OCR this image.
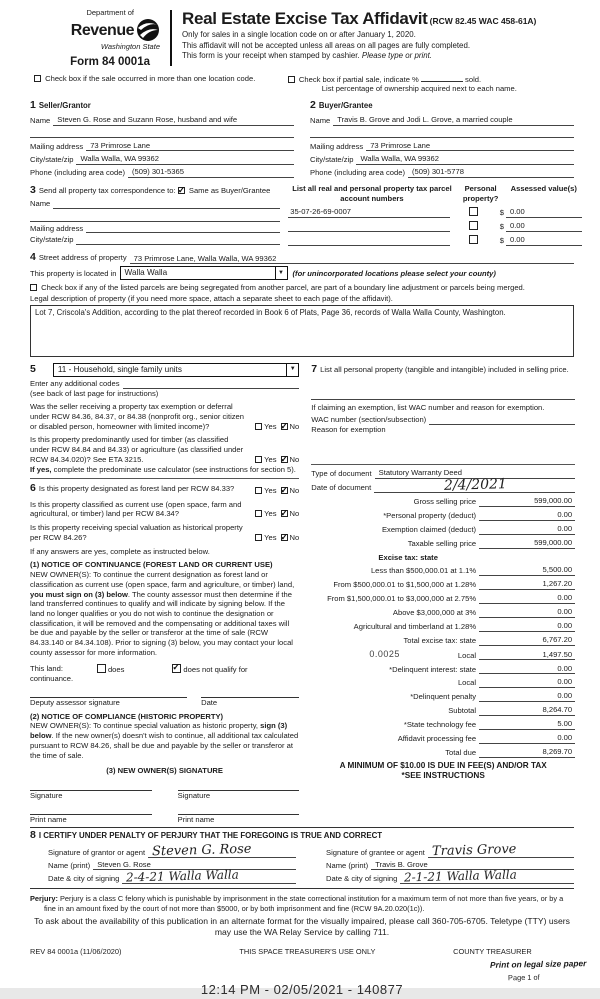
Department of
Revenue
Washington State
Form 84 0001a
Real Estate Excise Tax Affidavit (RCW 82.45 WAC 458-61A)
Only for sales in a single location code on or after January 1, 2020.
This affidavit will not be accepted unless all areas on all pages are fully completed.
This form is your receipt when stamped by cashier. Please type or print.
Check box if the sale occurred in more than one location code.	Check box if partial sale, indicate %	sold.
List percentage of ownership acquired next to each name.
1 Seller/Grantor
Name Steven G. Rose and Suzann Rose, husband and wife
Mailing address 73 Primrose Lane
City/state/zip Walla Walla, WA 99362
Phone (including area code) (509) 301-5365
2 Buyer/Grantee
Name Travis B. Grove and Jodi L. Grove, a married couple
Mailing address 73 Primrose Lane
City/state/zip Walla Walla, WA 99362
Phone (including area code) (509) 301-5778
3 Send all property tax correspondence to: ✓ Same as Buyer/Grantee
Name
Mailing address
City/state/zip
List all real and personal property tax parcel account numbers
Personal property?
Assessed value(s)
35-07-26-69-0007	$ 0.00
$ 0.00
$ 0.00
4 Street address of property 73 Primrose Lane, Walla Walla, WA 99362
This property is located in Walla Walla	▼	(for unincorporated locations please select your county)
Check box if any of the listed parcels are being segregated from another parcel, are part of a boundary line adjustment or parcels being merged.
Legal description of property (if you need more space, attach a separate sheet to each page of the affidavit).
Lot 7, Criscola's Addition, according to the plat thereof recorded in Book 6 of Plats, Page 36, records of Walla Walla County, Washington.
5	11 - Household, single family units	▼
Enter any additional codes
(see back of last page for instructions)
Was the seller receiving a property tax exemption or deferral under RCW 84.36, 84.37, or 84.38 (nonprofit org., senior citizen or disabled person, homeowner with limited income)?	Yes ✓ No
Is this property predominantly used for timber (as classified under RCW 84.84 and 84.33) or agriculture (as classified under RCW 84.34.020)? See ETA 3215.	Yes ✓ No
If yes, complete the predominate use calculator (see instructions for section 5).
6 Is this property designated as forest land per RCW 84.33?	Yes ✓ No
Is this property classified as current use (open space, farm and agricultural, or timber) land per RCW 84.34?	Yes ✓ No
Is this property receiving special valuation as historical property per RCW 84.26?	Yes ✓ No
If any answers are yes, complete as instructed below.
(1) NOTICE OF CONTINUANCE (FOREST LAND OR CURRENT USE)
NEW OWNER(S): To continue the current designation as forest land or classification as current use (open space, farm and agriculture, or timber) land, you must sign on (3) below. The county assessor must then determine if the land transferred continues to qualify and will indicate by signing below. If the land no longer qualifies or you do not wish to continue the designation or classification, it will be removed and the compensating or additional taxes will be due and payable by the seller or transferor at the time of sale (RCW 84.33.140 or 84.34.108). Prior to signing (3) below, you may contact your local county assessor for more information.
This land:	does ✓	does not qualify for
continuance.
Deputy assessor signature	Date
(2) NOTICE OF COMPLIANCE (HISTORIC PROPERTY)
NEW OWNER(S): To continue special valuation as historic property, sign (3) below. If the new owner(s) doesn't wish to continue, all additional tax calculated pursuant to RCW 84.26, shall be due and payable by the seller or transferor at the time of sale.
(3) NEW OWNER(S) SIGNATURE
Signature	Signature
Print name	Print name
7 List all personal property (tangible and intangible) included in selling price.
If claiming an exemption, list WAC number and reason for exemption.
WAC number (section/subsection)
Reason for exemption
Type of document Statutory Warranty Deed
Date of document	2/4/2021
Gross selling price	599,000.00
*Personal property (deduct)	0.00
Exemption claimed (deduct)	0.00
Taxable selling price	599,000.00
Excise tax: state
Less than $500,000.01 at 1.1%	5,500.00
From $500,000.01 to $1,500,000 at 1.28%	1,267.20
From $1,500,000.01 to $3,000,000 at 2.75%	0.00
Above $3,000,000 at 3%	0.00
Agricultural and timberland at 1.28%	0.00
Total excise tax: state	6,767.20
0.0025	Local	1,497.50
*Delinquent interest: state	0.00
Local	0.00
*Delinquent penalty	0.00
Subtotal	8,264.70
*State technology fee	5.00
Affidavit processing fee	0.00
Total due	8,269.70
A MINIMUM OF $10.00 IS DUE IN FEE(S) AND/OR TAX
*SEE INSTRUCTIONS
8 I CERTIFY UNDER PENALTY OF PERJURY THAT THE FOREGOING IS TRUE AND CORRECT
Signature of grantor or agent Steven G. Rose
Name (print) Steven G. Rose
Date & city of signing 2-4-21 Walla Walla
Signature of grantee or agent Travis Grove
Name (print) Travis B. Grove
Date & city of signing 2-1-21 Walla Walla
Perjury: Perjury is a class C felony which is punishable by imprisonment in the state correctional institution for a maximum term of not more than five years, or by a fine in an amount fixed by the court of not more than $5000, or by both imprisonment and fine (RCW 9A.20.020(1c)).
To ask about the availability of this publication in an alternate format for the visually impaired, please call 360-705-6705. Teletype (TTY) users may use the WA Relay Service by calling 711.
REV 84 0001a (11/06/2020)	THIS SPACE TREASURER'S USE ONLY	COUNTY TREASURER
12:14 PM - 02/05/2021 - 140877
Print on legal size paper
Page 1 of
